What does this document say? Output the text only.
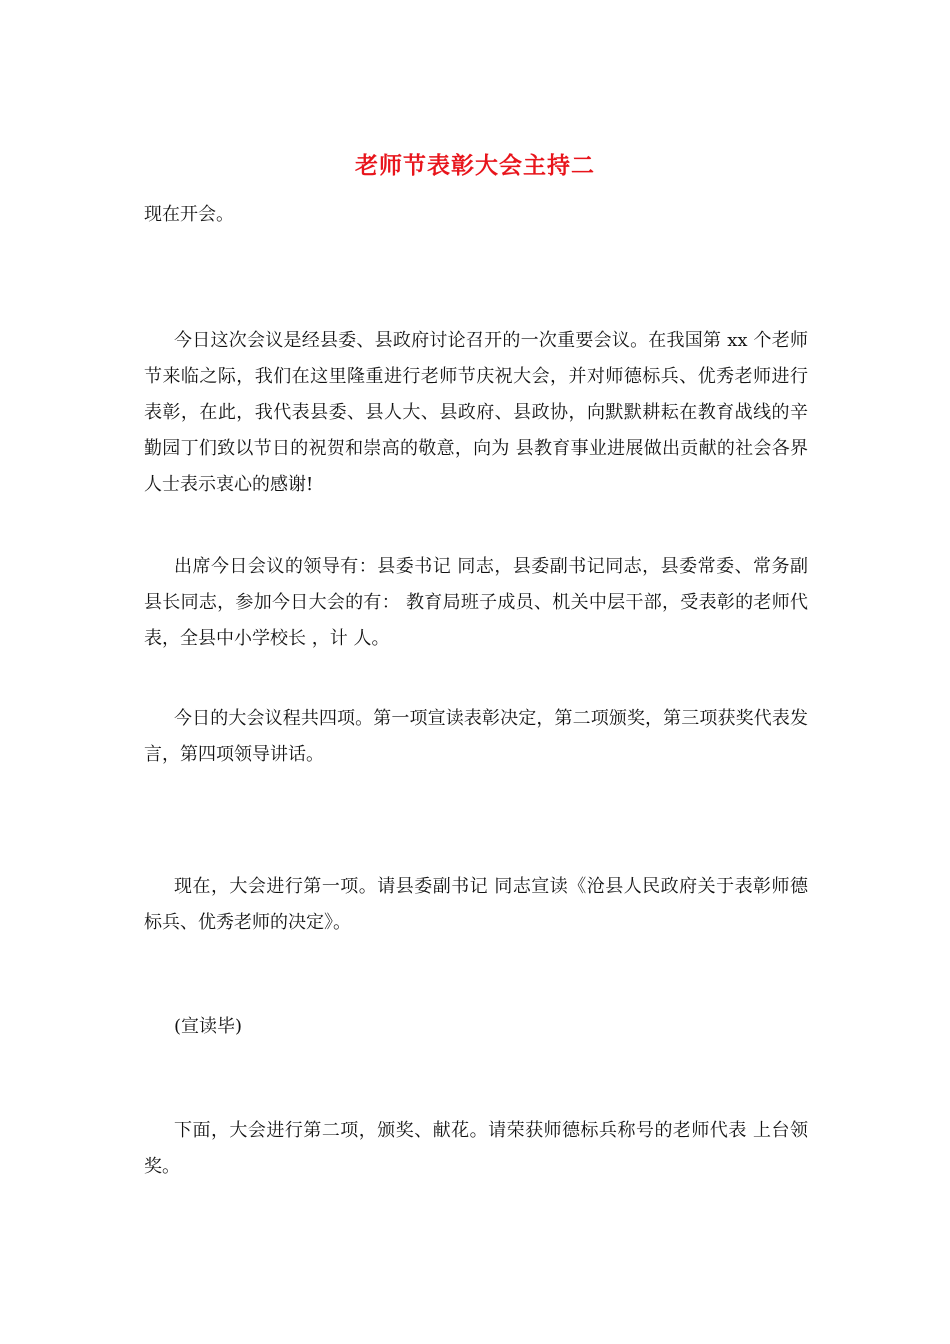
老师节表彰大会主持二

现在开会。

今日这次会议是经县委、县政府讨论召开的一次重要会议。在我国第 xx 个老师节来临之际，我们在这里隆重进行老师节庆祝大会，并对师德标兵、优秀老师进行表彰，在此，我代表县委、县人大、县政府、县政协，向默默耕耘在教育战线的辛勤园丁们致以节日的祝贺和崇高的敬意，向为 县教育事业进展做出贡献的社会各界人士表示衷心的感谢!

出席今日会议的领导有：县委书记 同志，县委副书记同志，县委常委、常务副县长同志，参加今日大会的有： 教育局班子成员、机关中层干部，受表彰的老师代表，全县中小学校长 ，计 人。

今日的大会议程共四项。第一项宣读表彰决定，第二项颁奖，第三项获奖代表发言，第四项领导讲话。

现在，大会进行第一项。请县委副书记 同志宣读《沧县人民政府关于表彰师德标兵、优秀老师的决定》。

(宣读毕)

下面，大会进行第二项，颁奖、献花。请荣获师德标兵称号的老师代表 上台领奖。
